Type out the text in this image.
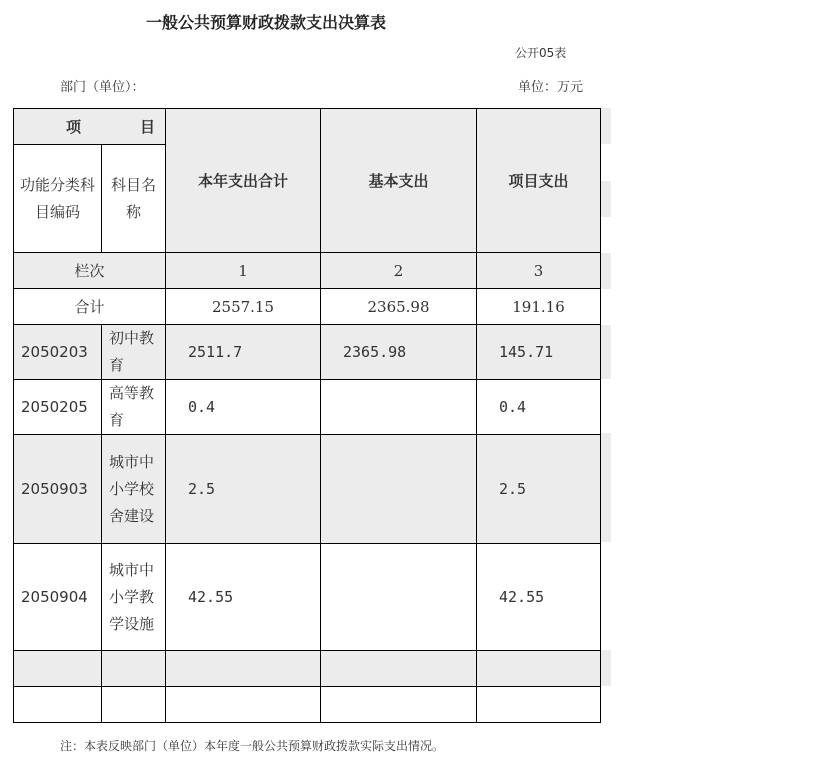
一般公共预算财政拨款支出决算表
公开05表
部门（单位）：	单位：万元
项 目		本年支出合计	基本支出	项目支出
功能分类科目编码	科目名称			
栏次		1	2	3
合计		2557.15	2365.98	191.16
2050203	初中教育	2511.7	2365.98	145.71
2050205	高等教育	0.4		0.4
2050903	城市中小学校舍建设	2.5		2.5
2050904	城市中小学教学设施	42.55		42.55

注：本表反映部门（单位）本年度一般公共预算财政拨款实际支出情况。
